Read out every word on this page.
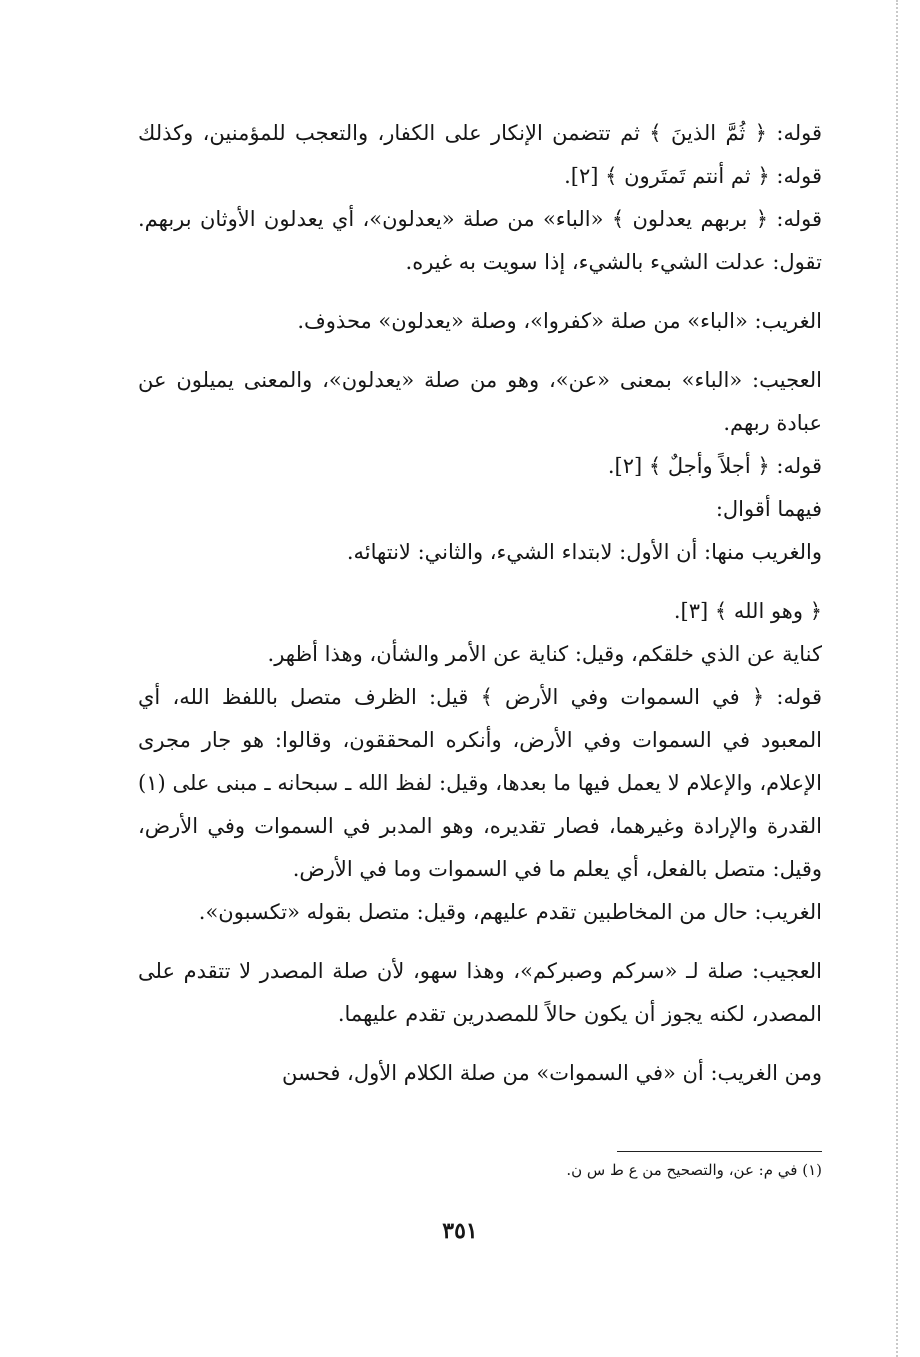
قوله: ﴿ ثُمَّ الذينَ ﴾ ثم تتضمن الإنكار على الكفار، والتعجب للمؤمنين، وكذلك قوله: ﴿ ثم أنتم تَمتَرون ﴾ [٢].

قوله: ﴿ بربهم يعدلون ﴾ «الباء» من صلة «يعدلون»، أي يعدلون الأوثان بربهم. تقول: عدلت الشيء بالشيء، إذا سويت به غيره.

الغريب: «الباء» من صلة «كفروا»، وصلة «يعدلون» محذوف.

العجيب: «الباء» بمعنى «عن»، وهو من صلة «يعدلون»، والمعنى يميلون عن عبادة ربهم.

قوله: ﴿ أجلاً وأجلٌ ﴾ [٢].

فيهما أقوال:

والغريب منها: أن الأول: لابتداء الشيء، والثاني: لانتهائه.

﴿ وهو الله ﴾ [٣].

كناية عن الذي خلقكم، وقيل: كناية عن الأمر والشأن، وهذا أظهر.

قوله: ﴿ في السموات وفي الأرض ﴾ قيل: الظرف متصل باللفظ الله، أي المعبود في السموات وفي الأرض، وأنكره المحققون، وقالوا: هو جار مجرى الإعلام، والإعلام لا يعمل فيها ما بعدها، وقيل: لفظ الله ـ سبحانه ـ مبنى على (١) القدرة والإرادة وغيرهما، فصار تقديره، وهو المدبر في السموات وفي الأرض، وقيل: متصل بالفعل، أي يعلم ما في السموات وما في الأرض.

الغريب: حال من المخاطبين تقدم عليهم، وقيل: متصل بقوله «تكسبون».

العجيب: صلة لـ «سركم وصبركم»، وهذا سهو، لأن صلة المصدر لا تتقدم على المصدر، لكنه يجوز أن يكون حالاً للمصدرين تقدم عليهما.

ومن الغريب: أن «في السموات» من صلة الكلام الأول، فحسن

(١) في م: عن، والتصحيح من ع ط س ن.
٣٥١
